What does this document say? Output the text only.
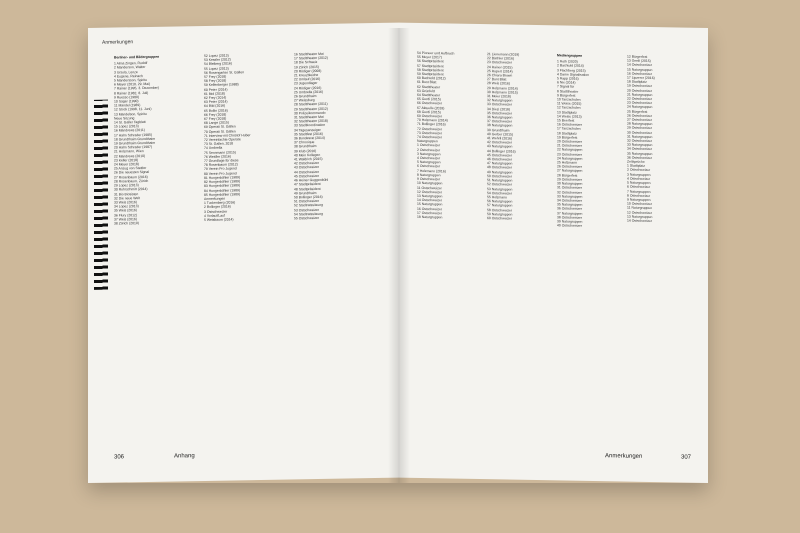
Anmerkungen
Berliner- und Bildergruppen
1 Alma Zingen, Rudolf
2 Manderson, Walter
3 Ursula, Lenze
4 Eugene, Reinach
5 Mandersson, Spiritu
6 Meyer (2010, 29. Mai)
7 Rainer (1995, 3. Dezember)
8 Rainer (1982, 8. Juli)
9 Ruesso (1980)
10 Sager (1990)
11 Mandel (1989)
12 Stock (1998, 11. Juni)
13 Mandelson, Spiritu
Neue Sitzung
14 St. Galler Tagblatt
15 Lopez (2013)
16 Mandrews (2011)
17 Halm Schrader (1985)
18 Grundthaim Grundthaim
19 Grundthaim Grundthaim
20 Halm Schrader (1987)
21 Holzmann, Wien
22 Mandrews (2010)
23 Keller (2018)
24 Meyer (2018)
25 Anzug von Stettler
26 Die neuesten Signal
27 Rosenbaum (2016)
28 Rosenbaum, Zürich
29 Lopez (2013)
30 Ruhrschmitt (2014)
31 Bio Biosisten
32 Die neue Welt
33 Weis (2016)
34 Lopez (2013)
35 Weis (2016)
36 Flury (2012)
37 Weis (2016)
38 Zürich (2019)
52 Lopez (2013)
53 Kessler (2012)
54 Bleiberg (2016)
55 Lopez (2013)
56 Rosengarten St. Gallen
57 Frey (2018)
58 Frey (2018)
59 Kellenberger (1988)
60 Peter (2014)
61 Ibid (2018)
62 Frey (2014)
63 Peter (2014)
64 Bild (2016)
65 Bollin (2016)
66 Frey (2018)
67 Frey (2018)
68 Lange (2015)
69 Operati St. Gallen
70 Operati St. Gallen
71 Interview mit Christof Huber
72 Vereinfachte Operate
73 St. Gallen, 2018
74 Umbrella
75 Sennmann (2015)
76 Weidler (2016)
77 Grundlage für diese
78 Rosenbaum (2012)
79 Verein Pro Jugend
80 Verein Pro Jugend
81 Hungerbühler (1989)
82 Hungerbühler (1989)
83 Hungerbühler (1989)
84 Hungerbühler (1989)
85 Hungerbühler (1989)
Anmerkungen
1 Tuckenberg (2016)
2 Bollinger (2016)
3 Ostschweizer
4 Vorlauf/Lauf
5 Weisbaum (2014)
16 Stadttheater Mai
17 Stadttheater (2012)
18 Die Schweiz
19 Zürich (2015)
20 Rüdiger (2008)
21 Kreuzbleiche
22 Umlauf (2016)
23 Jugendlager
24 Rüdiger (2016)
25 Umbrella (2016)
26 Grundthaim
27 Weissburg
28 Stadttheater (2011)
29 Stadttheater (2012)
30 Polizeikommando
31 Stadttheater Mai
32 Stadttheater (2018)
33 Stadtkoordination
34 Tagesanzeiger
35 Stadtfest (2016)
36 Bundesrat (2014)
37 Chronique
38 Grundthaim
39 Klub (2016)
40 Mein Kollegen
41 Waldrich (2015)
42 Ostschweizer
43 Ostschweizer
44 Ostschweizer
45 Ostschweizer
46 Heiner Guggenbühl
47 Stadtpräsident
48 Stadtpräsident
49 Grundthaim
50 Bollinger (2016)
51 Ostschweizer
52 Stadtratssitzung
53 Ostschweizer
54 Stadtratssitzung
55 Ostschweizer
306	Anhang
54 Pioneer und Aufbruch
55 Meyer (2017)
56 Stadtpräsident
57 Stadtpräsident
58 Stadtpräsident
59 Stadtpräsident
60 Bachtold (2012)
61 Bunt Blatt
62 Stadttheater
63 Grünfeld
64 Stadttheater
65 Gerdi (2015)
66 Ostschweizer
67 Aktuelle (2018)
68 Gerdi (2015)
69 Ostschweizer
70 Holzmann (2014)
71 Bollinger (2016)
72 Ostschweizer
73 Ostschweizer
74 Ostschweizer
Naturgruppen
1 Ostschweizer
2 Ostschweizer
3 Naturgruppen
4 Ostschweizer
5 Naturgruppen
6 Ostschweizer
7 Holzmann (2016)
8 Naturgruppen
9 Ostschweizer
10 Naturgruppen
11 Ostschweizer
12 Ostschweizer
13 Naturgruppen
14 Ostschweizer
15 Naturgruppen
16 Ostschweizer
17 Ostschweizer
18 Naturgruppen
21 Lienemann (2019)
22 Bächler (2016)
23 Ostschweizer
24 Rainer (2015)
25 Rupert (2014)
26 Chiara Brown
27 Bunt Blatt
28 Weis (2016)
29 Holzmann (2014)
30 Holzmann (2015)
31 Meier (2018)
32 Naturgruppen
33 Ostschweizer
34 Diezi (2018)
35 Ostschweizer
36 Naturgruppen
37 Ostschweizer
38 Naturgruppen
39 Grundthaim
40 Gerber (2015)
41 Wehrli (2016)
42 Ostschweizer
43 Naturgruppen
44 Bollinger (2016)
45 Ostschweizer
46 Ostschweizer
47 Naturgruppen
48 Ostschweizer
49 Naturgruppen
50 Ostschweizer
51 Naturgruppen
52 Ostschweizer
53 Naturgruppen
54 Ostschweizer
55 Holzmann
56 Naturgruppen
57 Naturgruppen
58 Ostschweizer
59 Naturgruppen
60 Ostschweizer
Mediengruppen
1 Roth (2020)
2 Bachtold (2014)
3 Flachberg (2015)
4 Dame Signalisation
5 Rapp (2016)
6 Nix (2014)
7 Signal für
8 Stadttheater
9 Bürgerfest
10 Tanzschulen
11 Weiss (2015)
12 Tanzschulen
13 Stadtplatz
14 Weiss (2013)
15 Beerfest
16 Ostschweizer
17 Tanzschulen
18 Stadtplatz
19 Bürgerfest
20 Ostschweizer
21 Ostschweizer
22 Naturgruppen
23 Ostschweizer
24 Naturgruppen
25 Holzmann
26 Ostschweizer
27 Naturgruppen
28 Bürgerfest
29 Ostschweizer
30 Naturgruppen
31 Ostschweizer
32 Ostschweizer
33 Naturgruppen
34 Ostschweizer
35 Naturgruppen
36 Ostschweizer
37 Naturgruppen
38 Ostschweizer
39 Naturgruppen
40 Ostschweizer
12 Bürgerfest
13 Gerdi (2015)
14 Ostschweizer
15 Naturgruppen
16 Ostschweizer
17 Lipzerer (2016)
18 Stadtplatz
19 Ostschweizer
20 Ostschweizer
21 Naturgruppen
22 Ostschweizer
23 Ostschweizer
24 Naturgruppen
25 Bürgerfest
26 Ostschweizer
27 Ostschweizer
28 Naturgruppen
29 Ostschweizer
30 Ostschweizer
31 Naturgruppen
32 Ostschweizer
33 Naturgruppen
34 Ostschweizer
35 Naturgruppen
36 Ostschweizer
Zeitsprüche
1 Stadtplatz
2 Ostschweizer
3 Naturgruppen
4 Ostschweizer
5 Naturgruppen
6 Ostschweizer
7 Naturgruppen
8 Ostschweizer
9 Naturgruppen
10 Ostschweizer
11 Naturgruppen
12 Ostschweizer
13 Naturgruppen
14 Ostschweizer
Anmerkungen	307
